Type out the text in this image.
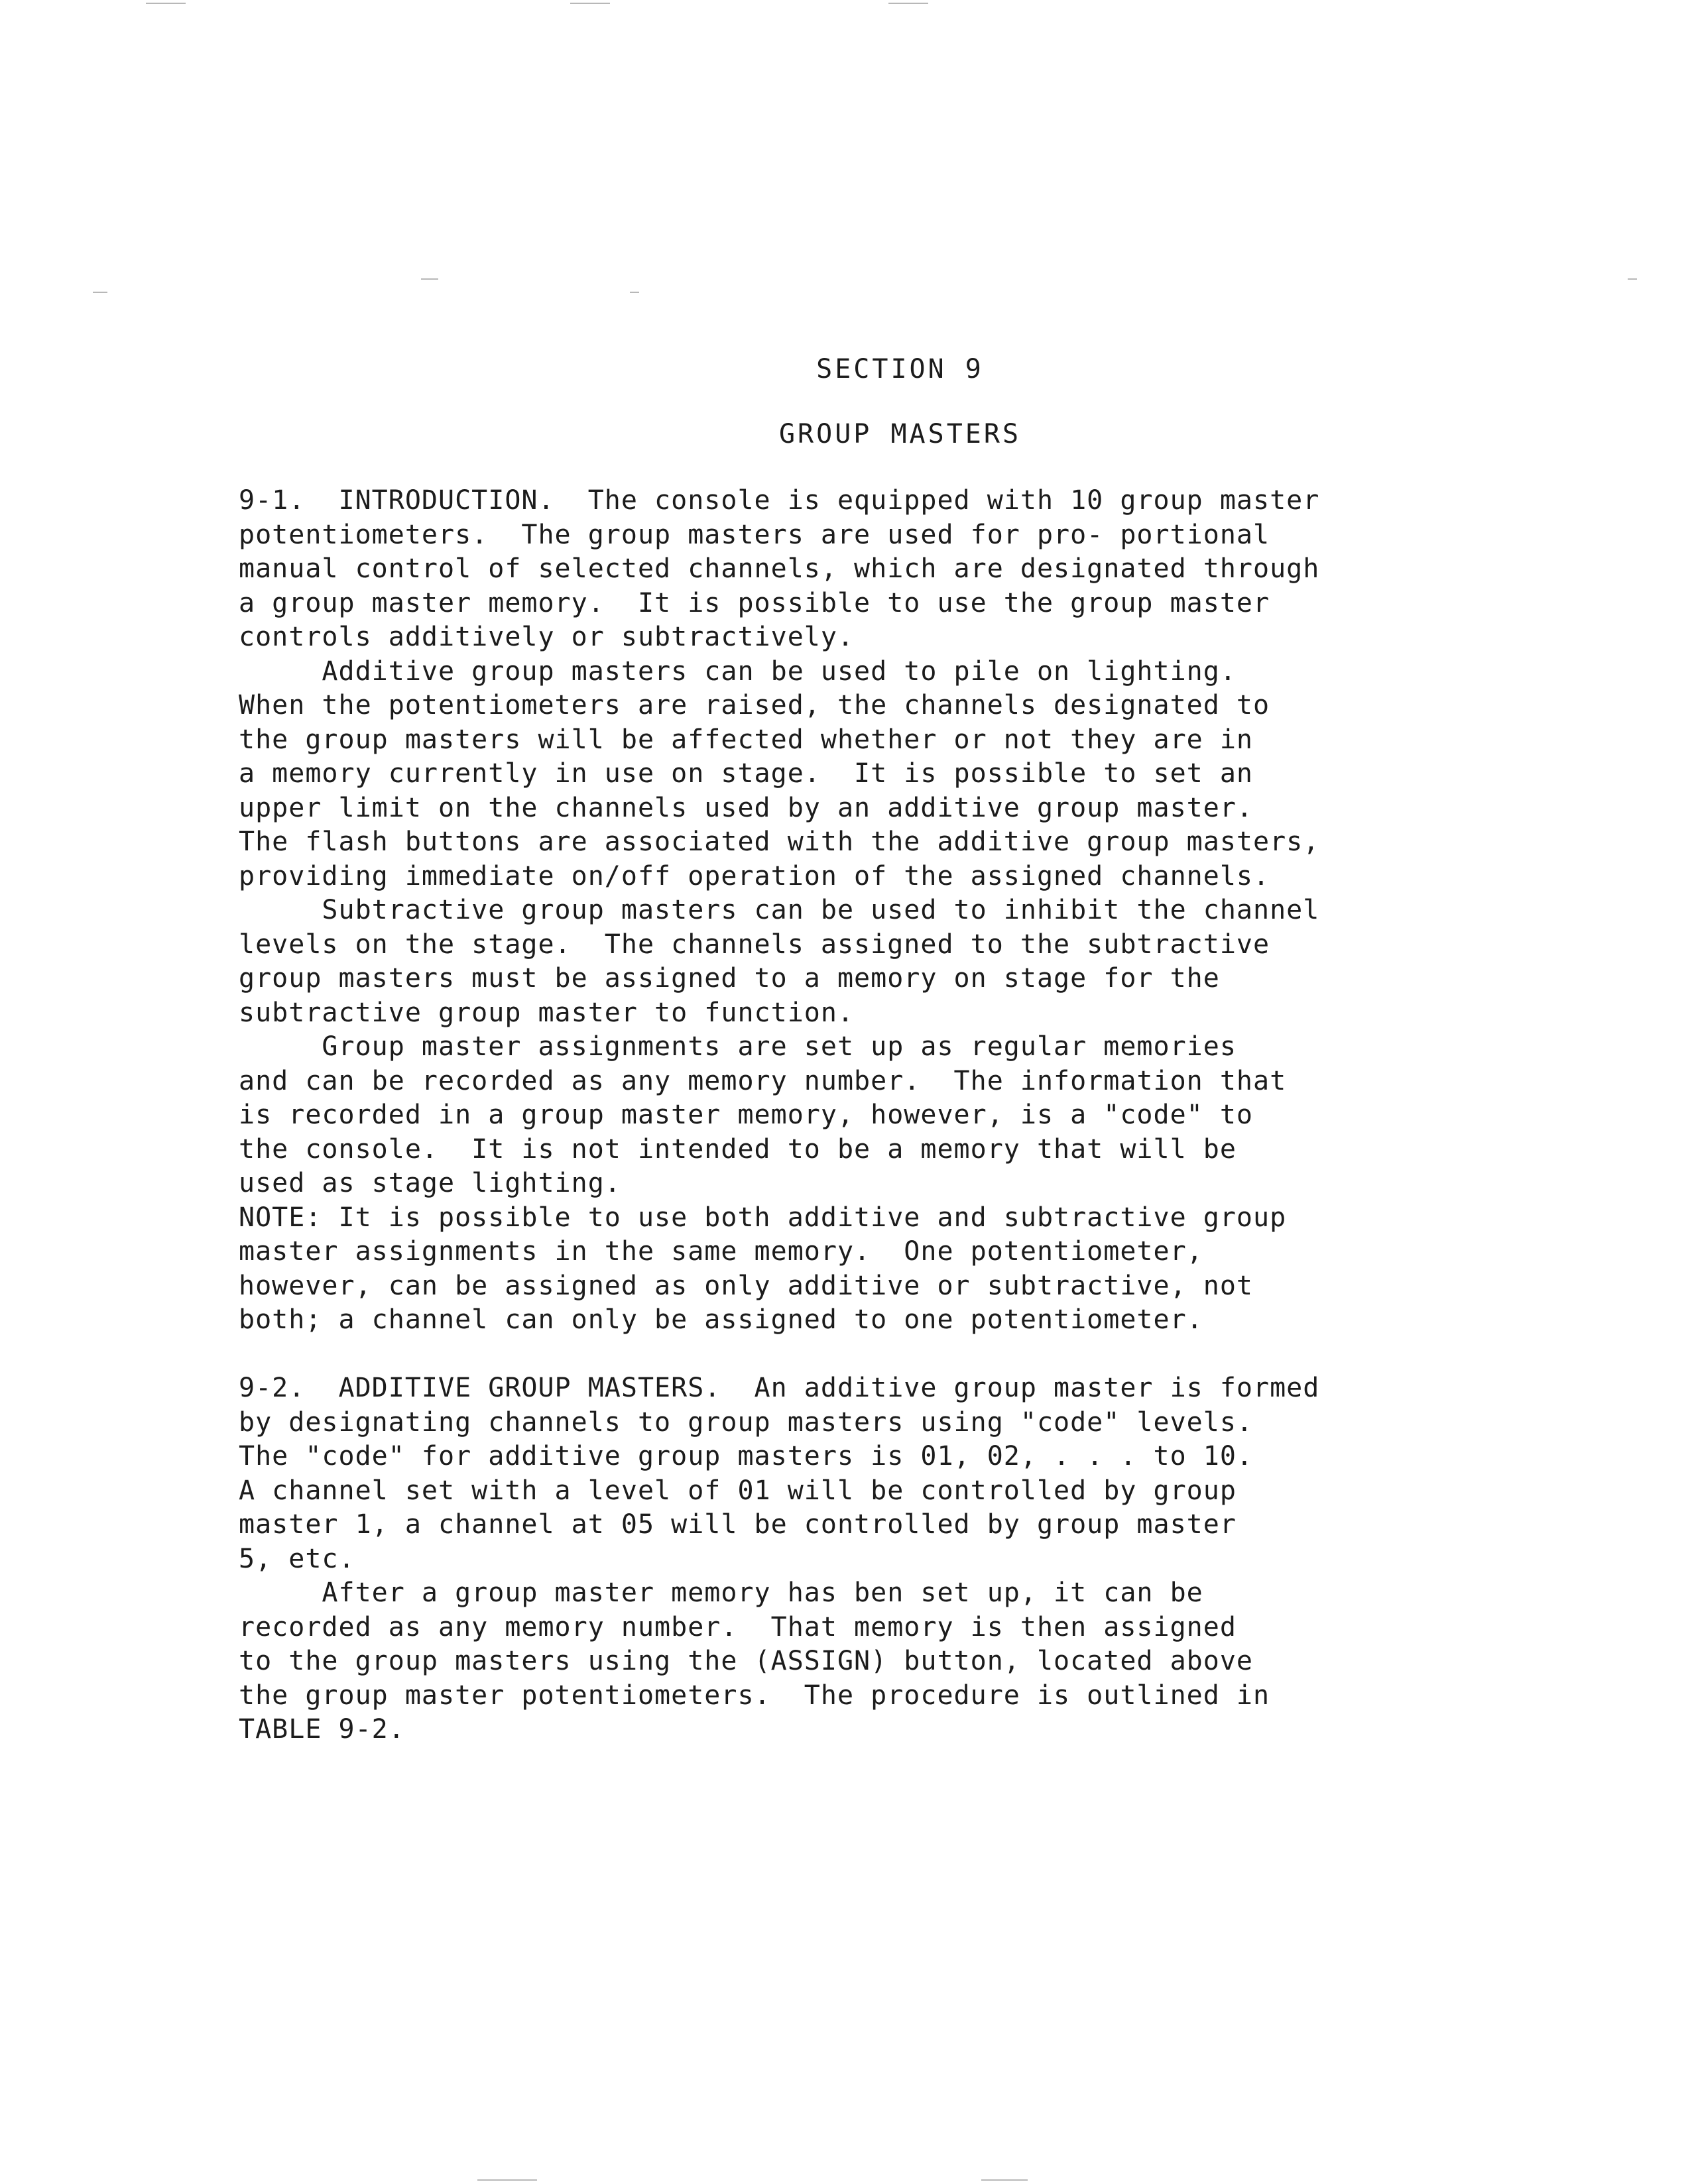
SECTION 9
GROUP MASTERS
9-1.  INTRODUCTION.  The console is equipped with 10 group master
potentiometers.  The group masters are used for pro- portional
manual control of selected channels, which are designated through
a group master memory.  It is possible to use the group master
controls additively or subtractively.
Additive group masters can be used to pile on lighting.
When the potentiometers are raised, the channels designated to
the group masters will be affected whether or not they are in
a memory currently in use on stage.  It is possible to set an
upper limit on the channels used by an additive group master.
The flash buttons are associated with the additive group masters,
providing immediate on/off operation of the assigned channels.
Subtractive group masters can be used to inhibit the channel
levels on the stage.  The channels assigned to the subtractive
group masters must be assigned to a memory on stage for the
subtractive group master to function.
Group master assignments are set up as regular memories
and can be recorded as any memory number.  The information that
is recorded in a group master memory, however, is a "code" to
the console.  It is not intended to be a memory that will be
used as stage lighting.
NOTE: It is possible to use both additive and subtractive group
master assignments in the same memory.  One potentiometer,
however, can be assigned as only additive or subtractive, not
both; a channel can only be assigned to one potentiometer.
9-2.  ADDITIVE GROUP MASTERS.  An additive group master is formed
by designating channels to group masters using "code" levels.
The "code" for additive group masters is 01, 02, . . . to 10.
A channel set with a level of 01 will be controlled by group
master 1, a channel at 05 will be controlled by group master
5, etc.
After a group master memory has ben set up, it can be
recorded as any memory number.  That memory is then assigned
to the group masters using the (ASSIGN) button, located above
the group master potentiometers.  The procedure is outlined in
TABLE 9-2.
